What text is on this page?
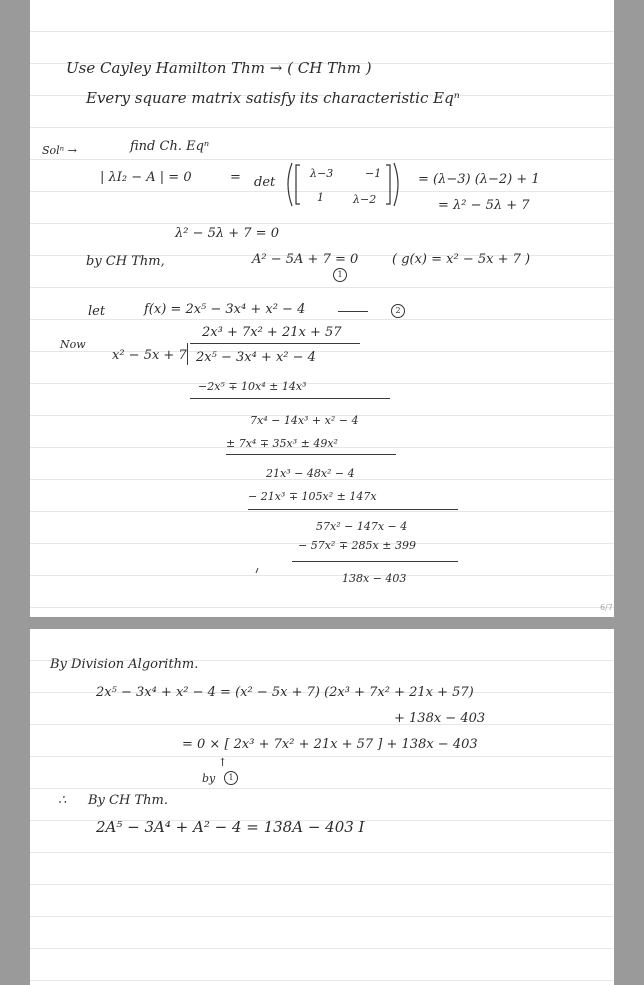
Use Cayley Hamilton Thm → ( CH Thm )
Every square matrix satisfy its characteristic Eqⁿ
Solⁿ →	find Ch. Eqⁿ
| λI₂ − A | = 0	= det
λ−3	−1
1	λ−2
= (λ−3) (λ−2) + 1
= λ² − 5λ + 7
λ² − 5λ + 7 = 0
by CH Thm,	A² − 5A + 7 = 0
1
( g(x) = x² − 5x + 7 )
let	f(x) = 2x⁵ − 3x⁴ + x² − 4	2
Now
2x³ + 7x² + 21x + 57
x² − 5x + 7 2x⁵ − 3x⁴ + x² − 4
−2x⁵ ∓ 10x⁴ ± 14x³
7x⁴ − 14x³ + x² − 4
± 7x⁴ ∓ 35x³ ± 49x²
21x³ − 48x² − 4
− 21x³ ∓ 105x² ± 147x
57x² − 147x − 4
− 57x² ∓ 285x ± 399
138x − 403
6/7
By Division Algorithm.
2x⁵ − 3x⁴ + x² − 4 = (x² − 5x + 7) (2x³ + 7x² + 21x + 57)
+ 138x − 403
= 0 × [ 2x³ + 7x² + 21x + 57 ] + 138x − 403
↑
by	1
∴ By CH Thm.
2A⁵ − 3A⁴ + A² − 4 = 138A − 403 I
